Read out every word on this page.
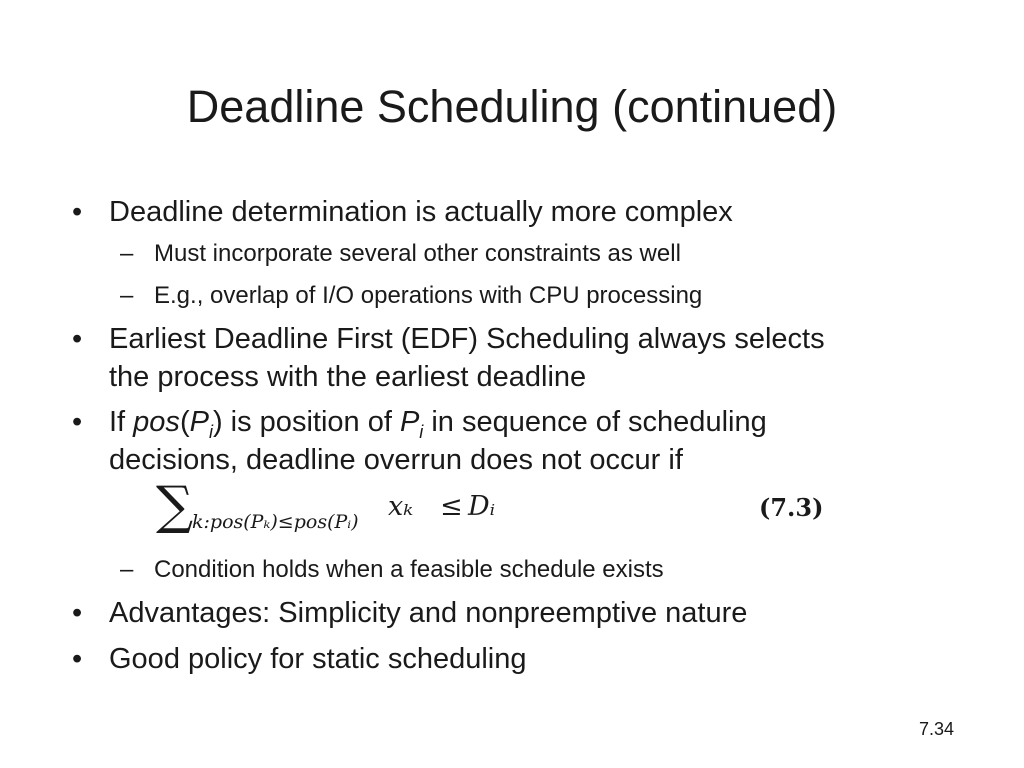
Deadline Scheduling (continued)
• Deadline determination is actually more complex
– Must incorporate several other constraints as well
– E.g., overlap of I/O operations with CPU processing
• Earliest Deadline First (EDF) Scheduling always selects
the process with the earliest deadline
• If $pos(P_i)$ is position of $P_i$ in sequence of scheduling
decisions, deadline overrun does not occur if
∑
k:pos(Pₖ)≤pos(Pᵢ) xₖ ≤ Dᵢ	(7.3)
– Condition holds when a feasible schedule exists
• Advantages: Simplicity and nonpreemptive nature
• Good policy for static scheduling
7.34
